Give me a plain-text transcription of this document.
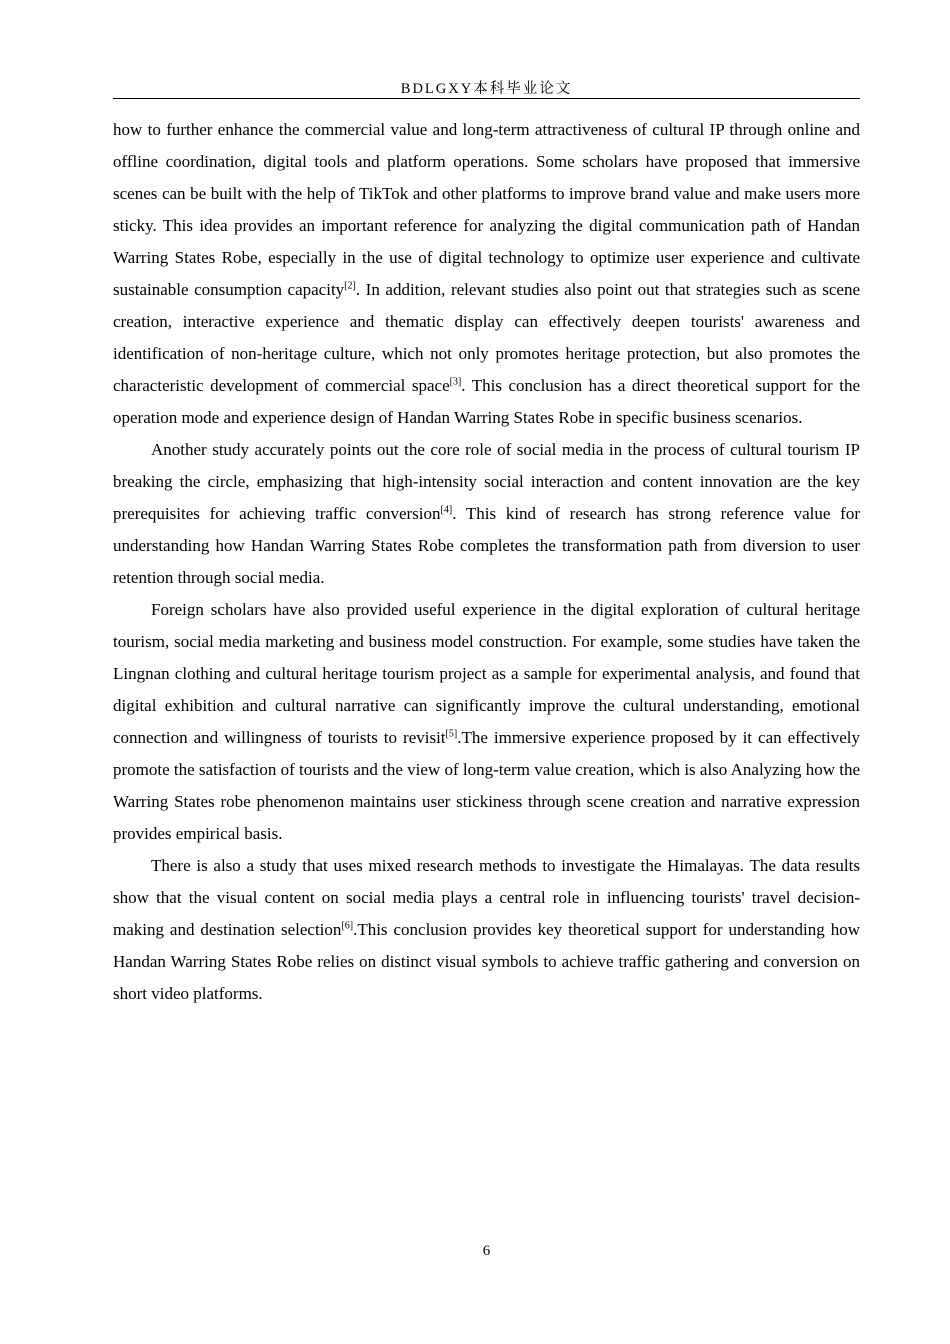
BDLGXY本科毕业论文

how to further enhance the commercial value and long-term attractiveness of cultural IP through online and offline coordination, digital tools and platform operations. Some scholars have proposed that immersive scenes can be built with the help of TikTok and other platforms to improve brand value and make users more sticky. This idea provides an important reference for analyzing the digital communication path of Handan Warring States Robe, especially in the use of digital technology to optimize user experience and cultivate sustainable consumption capacity[2]. In addition, relevant studies also point out that strategies such as scene creation, interactive experience and thematic display can effectively deepen tourists' awareness and identification of non-heritage culture, which not only promotes heritage protection, but also promotes the characteristic development of commercial space[3]. This conclusion has a direct theoretical support for the operation mode and experience design of Handan Warring States Robe in specific business scenarios.

Another study accurately points out the core role of social media in the process of cultural tourism IP breaking the circle, emphasizing that high-intensity social interaction and content innovation are the key prerequisites for achieving traffic conversion[4]. This kind of research has strong reference value for understanding how Handan Warring States Robe completes the transformation path from diversion to user retention through social media.

Foreign scholars have also provided useful experience in the digital exploration of cultural heritage tourism, social media marketing and business model construction. For example, some studies have taken the Lingnan clothing and cultural heritage tourism project as a sample for experimental analysis, and found that digital exhibition and cultural narrative can significantly improve the cultural understanding, emotional connection and willingness of tourists to revisit[5].The immersive experience proposed by it can effectively promote the satisfaction of tourists and the view of long-term value creation, which is also Analyzing how the Warring States robe phenomenon maintains user stickiness through scene creation and narrative expression provides empirical basis.

There is also a study that uses mixed research methods to investigate the Himalayas. The data results show that the visual content on social media plays a central role in influencing tourists' travel decision-making and destination selection[6].This conclusion provides key theoretical support for understanding how Handan Warring States Robe relies on distinct visual symbols to achieve traffic gathering and conversion on short video platforms.

6
